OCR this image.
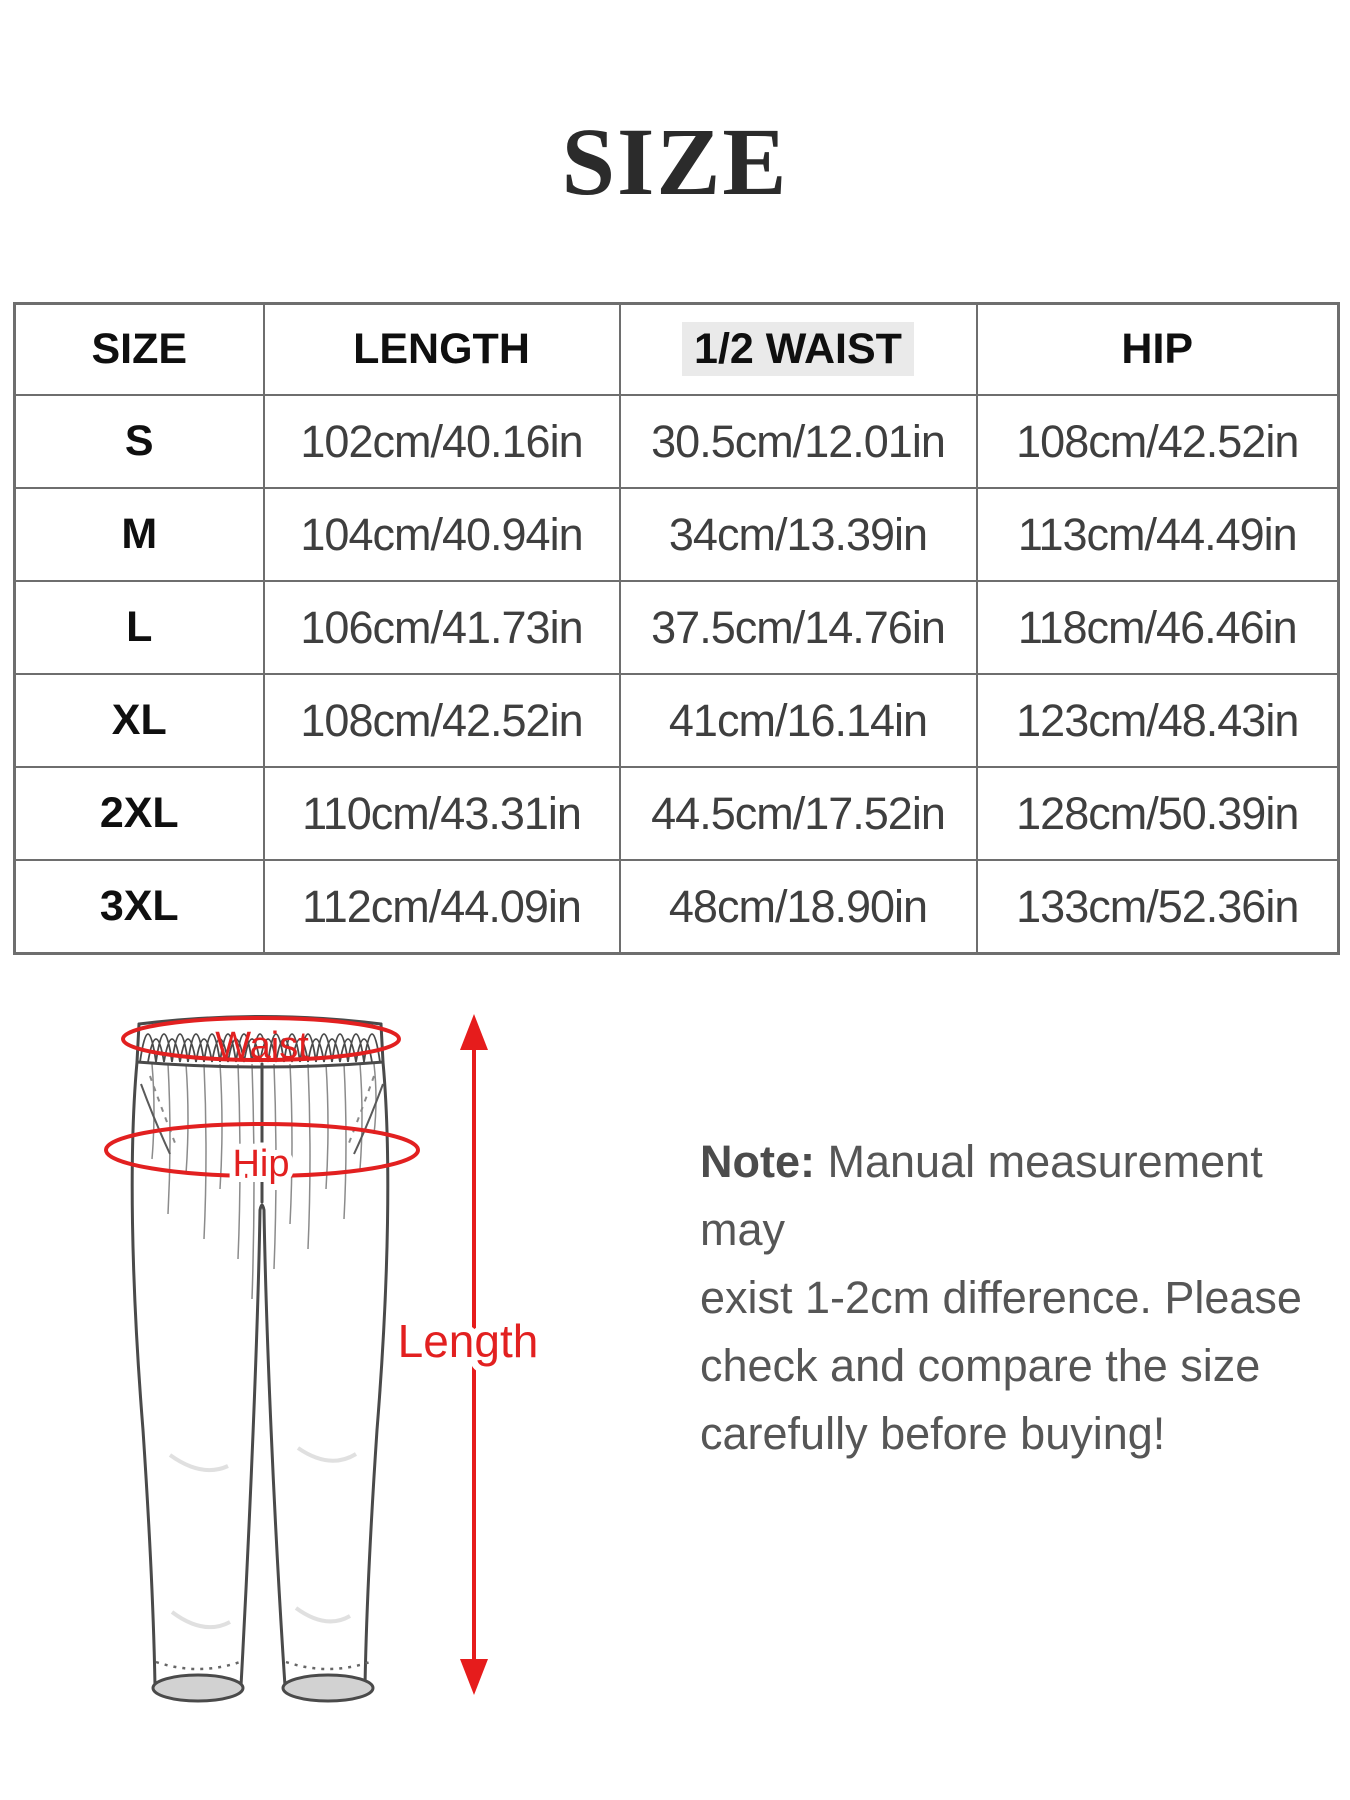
SIZE
SIZE	LENGTH	1/2 WAIST	HIP
S	102cm/40.16in	30.5cm/12.01in	108cm/42.52in
M	104cm/40.94in	34cm/13.39in	113cm/44.49in
L	106cm/41.73in	37.5cm/14.76in	118cm/46.46in
XL	108cm/42.52in	41cm/16.14in	123cm/48.43in
2XL	110cm/43.31in	44.5cm/17.52in	128cm/50.39in
3XL	112cm/44.09in	48cm/18.90in	133cm/52.36in
Waist
Hip
Length
Note: Manual measurement may
exist 1-2cm difference. Please
check and compare the size
carefully before buying!
